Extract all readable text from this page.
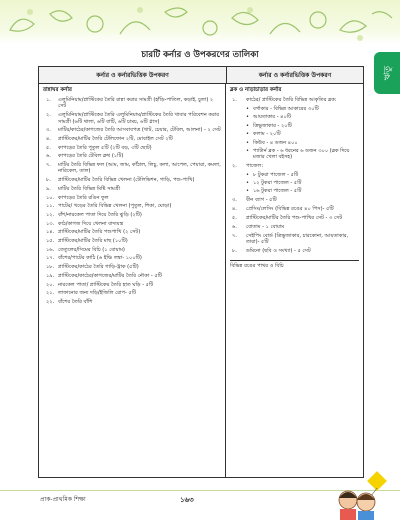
ঋতু
চারটি কর্নার ও উপকরণের তালিকা
কর্নার ও কর্নারভিত্তিক উপকরণ	কর্নার ও কর্নারভিত্তিক উপকরণ
রান্নাঘর কর্নার
১.	এলুমিনিয়াম/প্লাস্টিকের তৈরি রান্না করার সামগ্রী (হাঁড়ি-পাতিল, কড়াই, চুলা) ২ সেট
২.	এলুমিনিয়াম/প্লাস্টিকের তৈরি এলুমিনিয়াম/প্লাস্টিকের তৈরি খাবার পরিবেশন করার সামগ্রী (৬টি থালা, ৬টি বাটি, ৬টি চামচ, ৬টি গ্লাস)
৩.	মাটির/কাঠের/কাগজের তৈরি আসবাবপত্র (খাট, চেয়ার, টেবিল, আলনা) - ২ সেট
৪.	প্লাস্টিকের/মাটির তৈরি টেলিফোন ২টি, মোবাইল সেট ২টি
৫.	কাপড়ের তৈরি পুতুল ৫টি (২টি বড়, ৩টি ছোট)
৬.	কাপড়ের তৈরি টেবিল ক্লথ (১টি)
৭.	মাটির তৈরি বিভিন্ন ফল (আম, জাম, কাঁঠাল, লিচু, কলা, আপেল, পেয়ারা, কমলা, নারিকেল, তাল)
৮.	প্লাস্টিকের/মাটির তৈরি বিভিন্ন খেলনা (টেলিভিশন, গাড়ি, পশু-পাখি)
৯.	মাটির তৈরি বিভিন্ন মিষ্টি সামগ্রী
১০. কাপড়ের তৈরি রঙিন ফুল
১১. পাটের/ খড়ের তৈরি বিভিন্ন খেলনা (পুতুল, শিকা, ঘোড়া)
১২. বাঁশ/নারকেল পাতা দিয়ে তৈরি ঝুড়ি (২টি)
১৩. কাঠ/কাগজ দিয়ে খেলনা বাদ্যযন্ত্র
১৪. প্লাস্টিকের/মাটির তৈরি পশুপাখি (২ সেট)
১৫. প্লাস্টিকের/মাটির তৈরি মাছ (১০টি)
১৬. তেতুলের/সিমের বিচি (১ বোয়াম)
১৭. বাঁশের/পাটের কাঠি (৬ ইঞ্চি লম্বা- ১০০টি)
১৮. প্লাস্টিকের/কাঠের তৈরি গাড়ি-ট্রাক (৫টি)
১৯. প্লাস্টিকের/কাঠের/কাগজের/মাটির তৈরি নৌকা - ৫টি
২০. নারকেল পাতা/ প্লাস্টিকের তৈরি হাত ঘড়ি - ৫টি
২১. লাফানোর জন্য দড়ি/ইজিলি রোপ- ৫টি
২২. বাঁশের তৈরি বাঁশি
ব্লক ও নাড়াচাড়ার কর্নার
১.	কাঠের/ প্লাস্টিকের তৈরি বিভিন্ন আকৃতির ব্লক:
• বর্গাকার - বিভিন্ন আকারের ৩০টি
• আয়তাকার - ৪০টি
• ত্রিভুজাকার - ২০টি
• কলাম - ২০টি
• কিউব - ৪ ডজন ৪০০
• প্যাটার্ন ব্লক - ৬ ধরনের ৬ ডজন ৩০০ (ব্লক দিয়ে মজার খেলা বইসহ)
২.	পাজেল:
• ৮ টুকরা পাজেল - ৫টি
• ১২ টুকরা পাজেল - ৫টি
• ১৬ টুকরা পাজেল - ৫টি
৩.	বীন ব্যাগ - ৫টি
৪.	প্রেসিং/লেসিং (বিভিন্ন রঙের ৪০ পিস)- ৫টি
৫.	প্লাস্টিকের/মাটির তৈরি পশু-পাখির সেট - ৩ সেট
৬.	বোতাম - ১ বোয়াম
৭.	সেইপিং বোর্ড (ত্রিভুজাকার, চারকোনা, আয়তাকার, তারা)- ৫টি
৮.	ডমিনো (ছবি ও সংখ্যা) - ৫ সেট
বিভিন্ন রঙের পাথর ও বিচি
প্রাক-প্রাথমিক শিক্ষা	১৬৩
